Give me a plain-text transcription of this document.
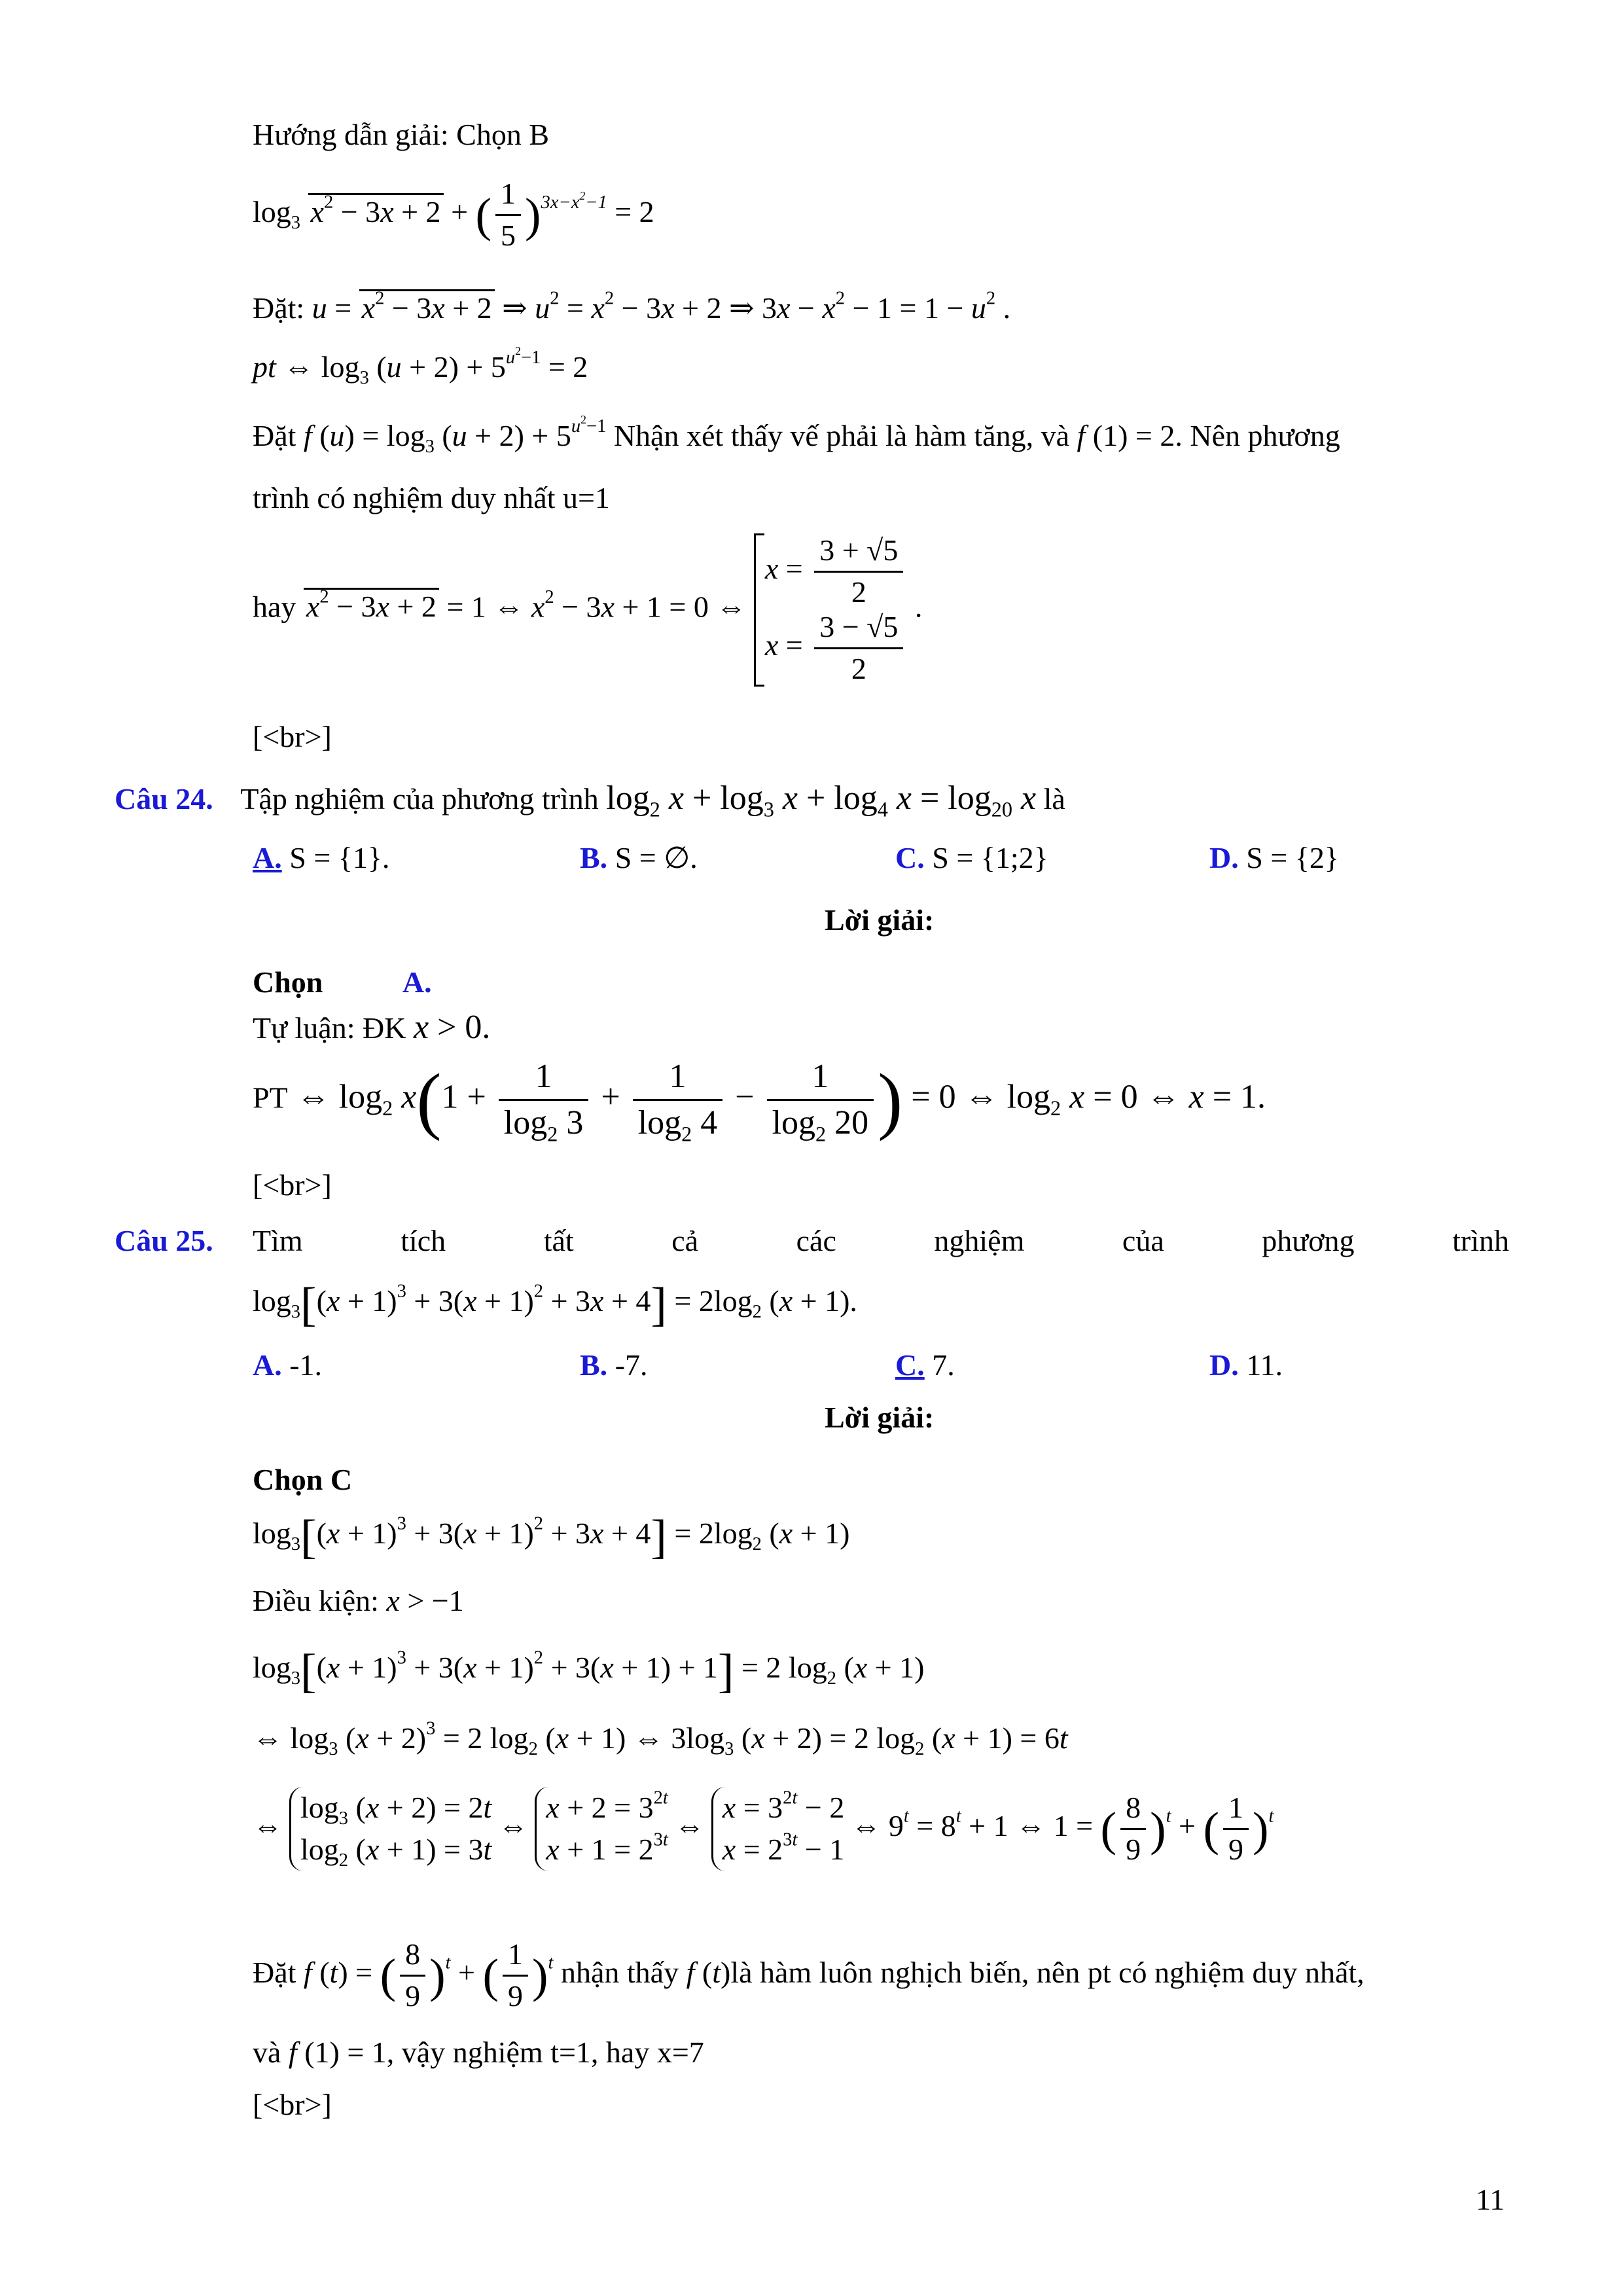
Hướng dẫn giải: Chọn B
$\log_3 x^2 - 3x + 2$ + ( $\frac{1}{5} )^{3x-x^2-1} = 2$
Đặt: $u = x^2 - 3x + 2$ ⇒ $u^2 = x^2 - 3x + 2$ ⇒ $3x - x^2 - 1 = 1 - u^2$ .
pt ⇔ $\log_3 (u + 2) + 5^{u^2-1} = 2$
Đặt f $(u) = \log_3 (u + 2) + 5^{u^2-1}$ Nhận xét thấy vế phải là hàm tăng, và f (1) = 2. Nên phương
trình có nghiệm duy nhất u=1
hay $x^2 - 3x + 2 = 1$ ⇔ $x^2 - 3x + 1 = 0$ ⇔
$x = \frac{3 + √5}{2}$
$x = \frac{3 - √5}{2}$
.
[<br>]
Câu 24. Tập nghiệm của phương trình $\log_2 x + \log_3 x + \log_4 x = \log_{20} x$ là
A. S = {1}.	B. S = ∅.	C. S = {1;2}	D. S = {2}
Lời giải:
Chọn	A.
Tự luận: ĐK x > 0.
PT ⇔ $\log_2 x(1 + \frac{1}{\log_2 3} + \frac{1}{\log_2 4} - \frac{1}{\log_2 20}$ ) = 0 ⇔ $\log_2 x = 0$ ⇔ x = 1.
[<br>]
Câu 25. Tìm	tích	tất	cả	các	nghiệm	của	phương	trình
$\log_3[(x + 1)^3 + 3(x + 1)^2 + 3x + 4] = 2\log_2$ (x + 1).
A. -1.	B. -7.	C. 7.	D. 11.
Lời giải:
Chọn C
$\log_3[(x + 1)^3 + 3(x + 1)^2 + 3x + 4] = 2\log_2$ (x + 1)
Điều kiện: x > −1
$\log_3[(x + 1)^3 + 3(x + 1)^2 + 3(x + 1) + 1] = 2$ $\log_2 (x + 1)$
⇔ $\log_3 (x + 2)^3 = 2$ $\log_2 (x + 1)$ ⇔ $3\log_3$ (x + 2) = 2 $\log_2 (x + 1) = 6t$
⇔
$\log_3 (x + 2) = 2t$
$\log_2 (x + 1) = 3t$
⇔
$x + 2 = 3^{2t}$
$x + 1 = 2^{3t}$ ⇔
$x = 3^{2t} - 2$
$x = 2^{3t} - 1$
⇔ $9^t = 8^t + 1$ ⇔ 1 = ( $\frac{8}{9} )^t$ + ( $\frac{1}{9} )^t$
Đặt f (t) = ( $\frac{8}{9} )^t$ + ( $\frac{1}{9} )^t$ nhận thấy f (t)là hàm luôn nghịch biến, nên pt có nghiệm duy nhất,
và f (1) = 1, vậy nghiệm t=1, hay x=7
[<br>]
11
